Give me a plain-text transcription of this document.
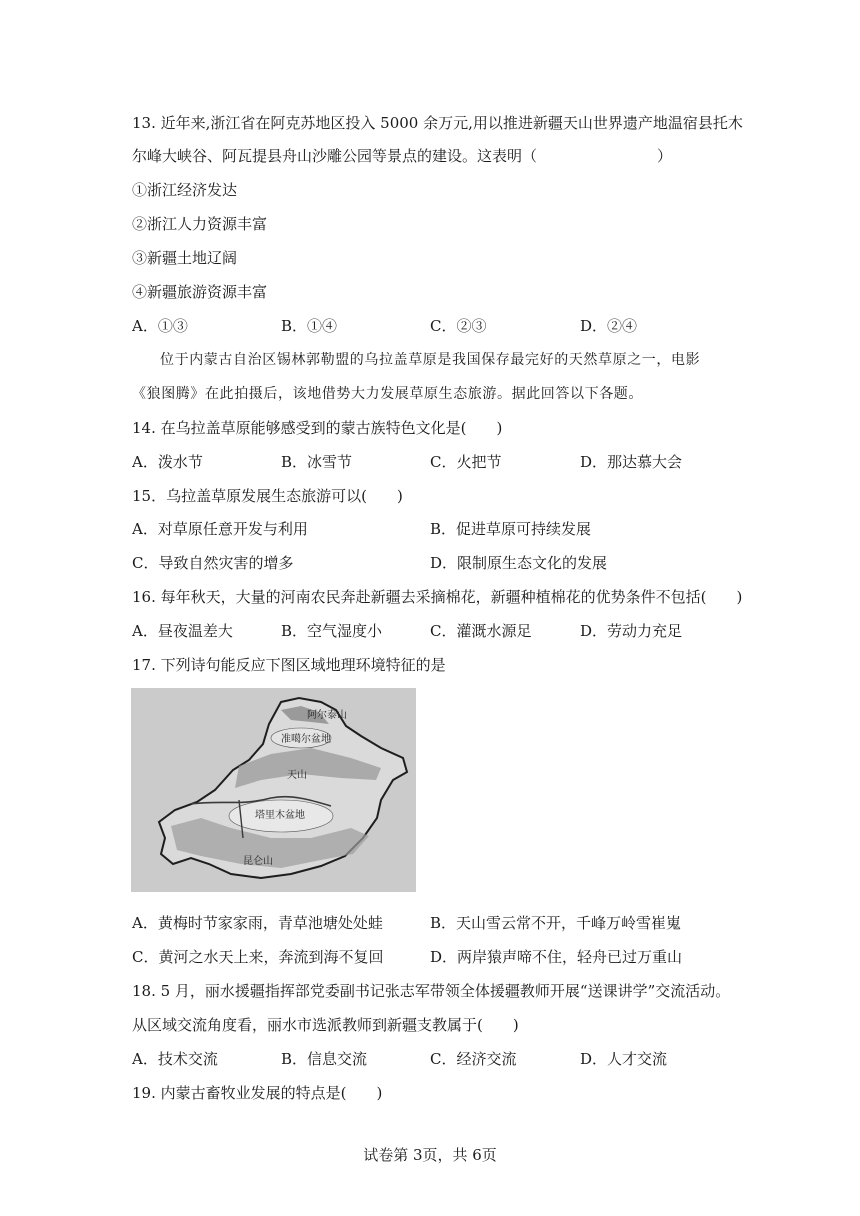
13. 近年来,浙江省在阿克苏地区投入 5000 余万元,用以推进新疆天山世界遗产地温宿县托木
尔峰大峡谷、阿瓦提县舟山沙雕公园等景点的建设。这表明（　　　　　　　　）
①浙江经济发达
②浙江人力资源丰富
③新疆土地辽阔
④新疆旅游资源丰富
A．①③	B．①④	C．②③	D．②④
位于内蒙古自治区锡林郭勒盟的乌拉盖草原是我国保存最完好的天然草原之一，电影
《狼图腾》在此拍摄后，该地借势大力发展草原生态旅游。据此回答以下各题。
14. 在乌拉盖草原能够感受到的蒙古族特色文化是(　　)
A．泼水节	B．冰雪节	C．火把节	D．那达慕大会
15．乌拉盖草原发展生态旅游可以(　　)
A．对草原任意开发与利用	B．促进草原可持续发展
C．导致自然灾害的增多	D．限制原生态文化的发展
16. 每年秋天，大量的河南农民奔赴新疆去采摘棉花，新疆种植棉花的优势条件不包括(　　)
A．昼夜温差大	B．空气湿度小	C．灌溉水源足	D．劳动力充足
17. 下列诗句能反应下图区域地理环境特征的是
阿尔泰山
准噶尔盆地
天山
塔里木盆地
昆仑山
A．黄梅时节家家雨，青草池塘处处蛙	B．天山雪云常不开，千峰万岭雪崔嵬
C．黄河之水天上来，奔流到海不复回	D．两岸猿声啼不住，轻舟已过万重山
18. 5 月，丽水援疆指挥部党委副书记张志军带领全体援疆教师开展“送课讲学”交流活动。
从区域交流角度看，丽水市选派教师到新疆支教属于(　　)
A．技术交流	B．信息交流	C．经济交流	D．人才交流
19. 内蒙古畜牧业发展的特点是(　　)
试卷第 3页，共 6页
